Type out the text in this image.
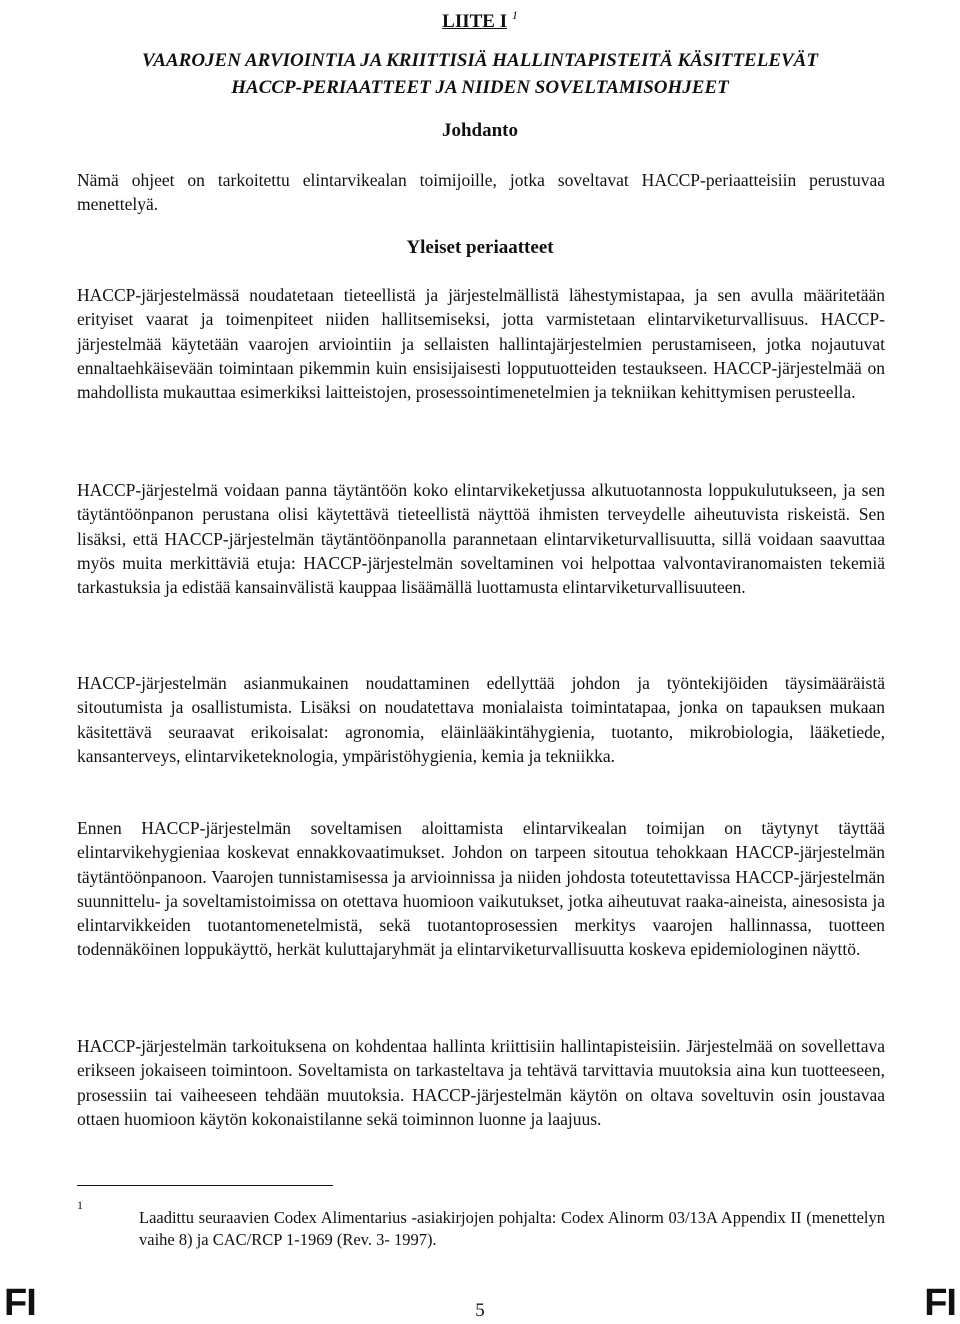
LIITE I $^1$
VAAROJEN ARVIOINTIA JA KRIITTISIÄ HALLINTAPISTEITÄ KÄSITTELEVÄT
HACCP-PERIAATTEET JA NIIDEN SOVELTAMISOHJEET
Johdanto

Nämä ohjeet on tarkoitettu elintarvikealan toimijoille, jotka soveltavat HACCP-periaatteisiin perustuvaa menettelyä.

Yleiset periaatteet

HACCP-järjestelmässä noudatetaan tieteellistä ja järjestelmällistä lähestymistapaa, ja sen avulla määritetään erityiset vaarat ja toimenpiteet niiden hallitsemiseksi, jotta varmistetaan elintarviketurvallisuus. HACCP-järjestelmää käytetään vaarojen arviointiin ja sellaisten hallintajärjestelmien perustamiseen, jotka nojautuvat ennaltaehkäisevään toimintaan pikemmin kuin ensisijaisesti lopputuotteiden testaukseen. HACCP-järjestelmää on mahdollista mukauttaa esimerkiksi laitteistojen, prosessointimenetelmien ja tekniikan kehittymisen perusteella.

HACCP-järjestelmä voidaan panna täytäntöön koko elintarvikeketjussa alkutuotannosta loppukulutukseen, ja sen täytäntöönpanon perustana olisi käytettävä tieteellistä näyttöä ihmisten terveydelle aiheutuvista riskeistä. Sen lisäksi, että HACCP-järjestelmän täytäntöönpanolla parannetaan elintarviketurvallisuutta, sillä voidaan saavuttaa myös muita merkittäviä etuja: HACCP-järjestelmän soveltaminen voi helpottaa valvontaviranomaisten tekemiä tarkastuksia ja edistää kansainvälistä kauppaa lisäämällä luottamusta elintarviketurvallisuuteen.

HACCP-järjestelmän asianmukainen noudattaminen edellyttää johdon ja työntekijöiden täysimääräistä sitoutumista ja osallistumista. Lisäksi on noudatettava monialaista toimintatapaa, jonka on tapauksen mukaan käsitettävä seuraavat erikoisalat: agronomia, eläinlääkintähygienia, tuotanto, mikrobiologia, lääketiede, kansanterveys, elintarviketeknologia, ympäristöhygienia, kemia ja tekniikka.

Ennen HACCP-järjestelmän soveltamisen aloittamista elintarvikealan toimijan on täytynyt täyttää elintarvikehygieniaa koskevat ennakkovaatimukset. Johdon on tarpeen sitoutua tehokkaan HACCP-järjestelmän täytäntöönpanoon. Vaarojen tunnistamisessa ja arvioinnissa ja niiden johdosta toteutettavissa HACCP-järjestelmän suunnittelu- ja soveltamistoimissa on otettava huomioon vaikutukset, jotka aiheutuvat raaka-aineista, ainesosista ja elintarvikkeiden tuotantomenetelmistä, sekä tuotantoprosessien merkitys vaarojen hallinnassa, tuotteen todennäköinen loppukäyttö, herkät kuluttajaryhmät ja elintarviketurvallisuutta koskeva epidemiologinen näyttö.

HACCP-järjestelmän tarkoituksena on kohdentaa hallinta kriittisiin hallintapisteisiin. Järjestelmää on sovellettava erikseen jokaiseen toimintoon. Soveltamista on tarkasteltava ja tehtävä tarvittavia muutoksia aina kun tuotteeseen, prosessiin tai vaiheeseen tehdään muutoksia. HACCP-järjestelmän käytön on oltava soveltuvin osin joustavaa ottaen huomioon käytön kokonaistilanne sekä toiminnon luonne ja laajuus.

1

Laadittu seuraavien Codex Alimentarius -asiakirjojen pohjalta: Codex Alinorm 03/13A Appendix II (menettelyn vaihe 8) ja CAC/RCP 1-1969 (Rev. 3- 1997).

FI	5	FI
